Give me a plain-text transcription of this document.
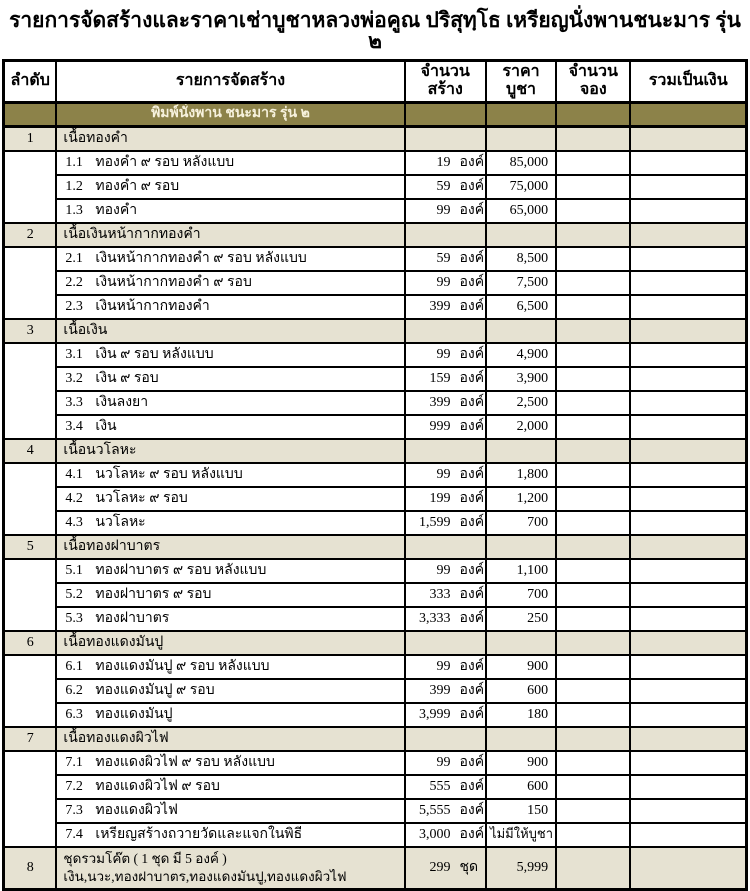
รายการจัดสร้างและราคาเช่าบูชาหลวงพ่อคูณ ปริสุทฺโธ เหรียญนั่งพานชนะมาร รุ่น ๒
ลำดับ	รายการจัดสร้าง	จำนวนสร้าง	ราคาบูชา	จำนวนจอง	รวมเป็นเงิน
	พิมพ์นั่งพาน ชนะมาร รุ่น ๒				
1	เนื้อทองคำ				
	1.1 ทองคำ ๙ รอบ หลังแบบ	19 องค์	85,000		
	1.2 ทองคำ ๙ รอบ	59 องค์	75,000		
	1.3 ทองคำ	99 องค์	65,000		
2	เนื้อเงินหน้ากากทองคำ				
	2.1 เงินหน้ากากทองคำ ๙ รอบ หลังแบบ	59 องค์	8,500		
	2.2 เงินหน้ากากทองคำ ๙ รอบ	99 องค์	7,500		
	2.3 เงินหน้ากากทองคำ	399 องค์	6,500		
3	เนื้อเงิน				
	3.1 เงิน ๙ รอบ หลังแบบ	99 องค์	4,900		
	3.2 เงิน ๙ รอบ	159 องค์	3,900		
	3.3 เงินลงยา	399 องค์	2,500		
	3.4 เงิน	999 องค์	2,000		
4	เนื้อนวโลหะ				
	4.1 นวโลหะ ๙ รอบ หลังแบบ	99 องค์	1,800		
	4.2 นวโลหะ ๙ รอบ	199 องค์	1,200		
	4.3 นวโลหะ	1,599 องค์	700		
5	เนื้อทองฝาบาตร				
	5.1 ทองฝาบาตร ๙ รอบ หลังแบบ	99 องค์	1,100		
	5.2 ทองฝาบาตร ๙ รอบ	333 องค์	700		
	5.3 ทองฝาบาตร	3,333 องค์	250		
6	เนื้อทองแดงมันปู				
	6.1 ทองแดงมันปู ๙ รอบ หลังแบบ	99 องค์	900		
	6.2 ทองแดงมันปู ๙ รอบ	399 องค์	600		
	6.3 ทองแดงมันปู	3,999 องค์	180		
7	เนื้อทองแดงผิวไฟ				
	7.1 ทองแดงผิวไฟ ๙ รอบ หลังแบบ	99 องค์	900		
	7.2 ทองแดงผิวไฟ ๙ รอบ	555 องค์	600		
	7.3 ทองแดงผิวไฟ	5,555 องค์	150		
	7.4 เหรียญสร้างถวายวัดและแจกในพิธี	3,000 องค์	ไม่มีให้บูชา		
8	ชุดรวมโค๊ต ( 1 ชุด มี 5 องค์ )
เงิน,นวะ,ทองฝาบาตร,ทองแดงมันปู,ทองแดงผิวไฟ	299 ชุด	5,999		
